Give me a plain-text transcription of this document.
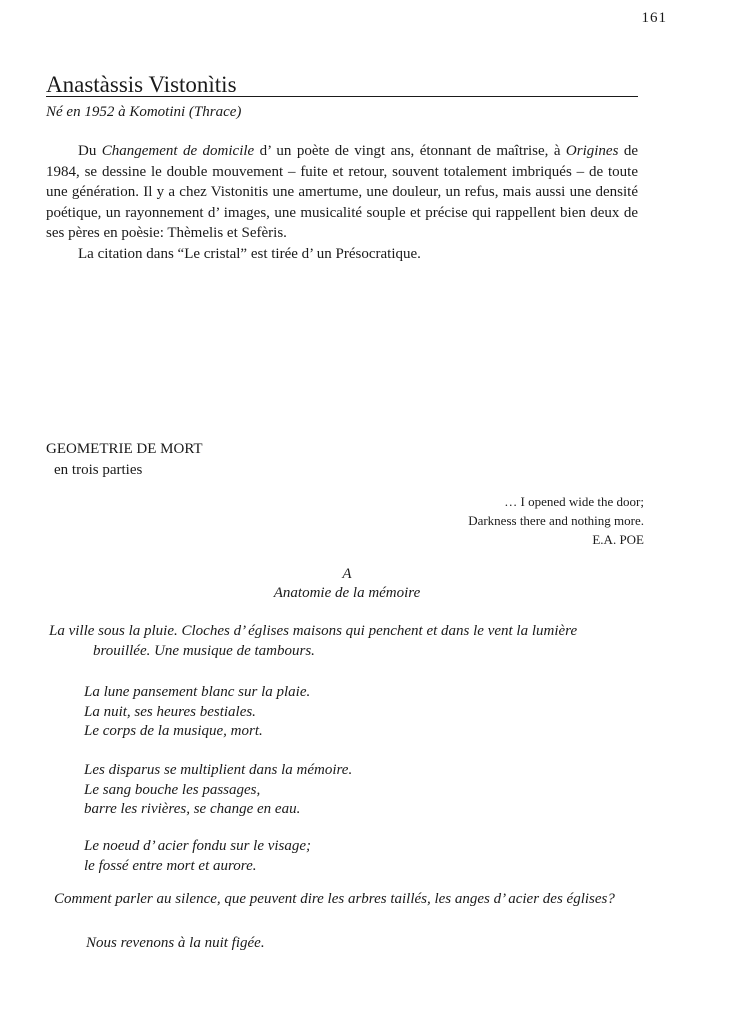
161
Anastàssis Vistonìtis
Né en 1952 à Komotini (Thrace)

Du Changement de domicile d’ un poète de vingt ans, étonnant de maîtrise, à Origines de 1984, se dessine le double mouvement – fuite et retour, souvent totalement imbriqués – de toute une génération. Il y a chez Vistonitis une amertume, une douleur, un refus, mais aussi une densité poétique, un rayonnement d’ images, une musicalité souple et précise qui rappellent bien deux de ses pères en poèsie: Thèmelis et Sefèris.

La citation dans “Le cristal” est tirée d’ un Présocratique.

GEOMETRIE DE MORT
en trois parties
… I opened wide the door;
Darkness there and nothing more.
E.A. POE
A
Anatomie de la mémoire
La ville sous la pluie. Cloches d’ églises maisons qui penchent et dans le vent la lumière
brouillée. Une musique de tambours.
La lune pansement blanc sur la plaie.
La nuit, ses heures bestiales.
Le corps de la musique, mort.
Les disparus se multiplient dans la mémoire.
Le sang bouche les passages,
barre les rivières, se change en eau.
Le noeud d’ acier fondu sur le visage;
le fossé entre mort et aurore.
Comment parler au silence, que peuvent dire les arbres taillés, les anges d’ acier des églises?
Nous revenons à la nuit figée.
